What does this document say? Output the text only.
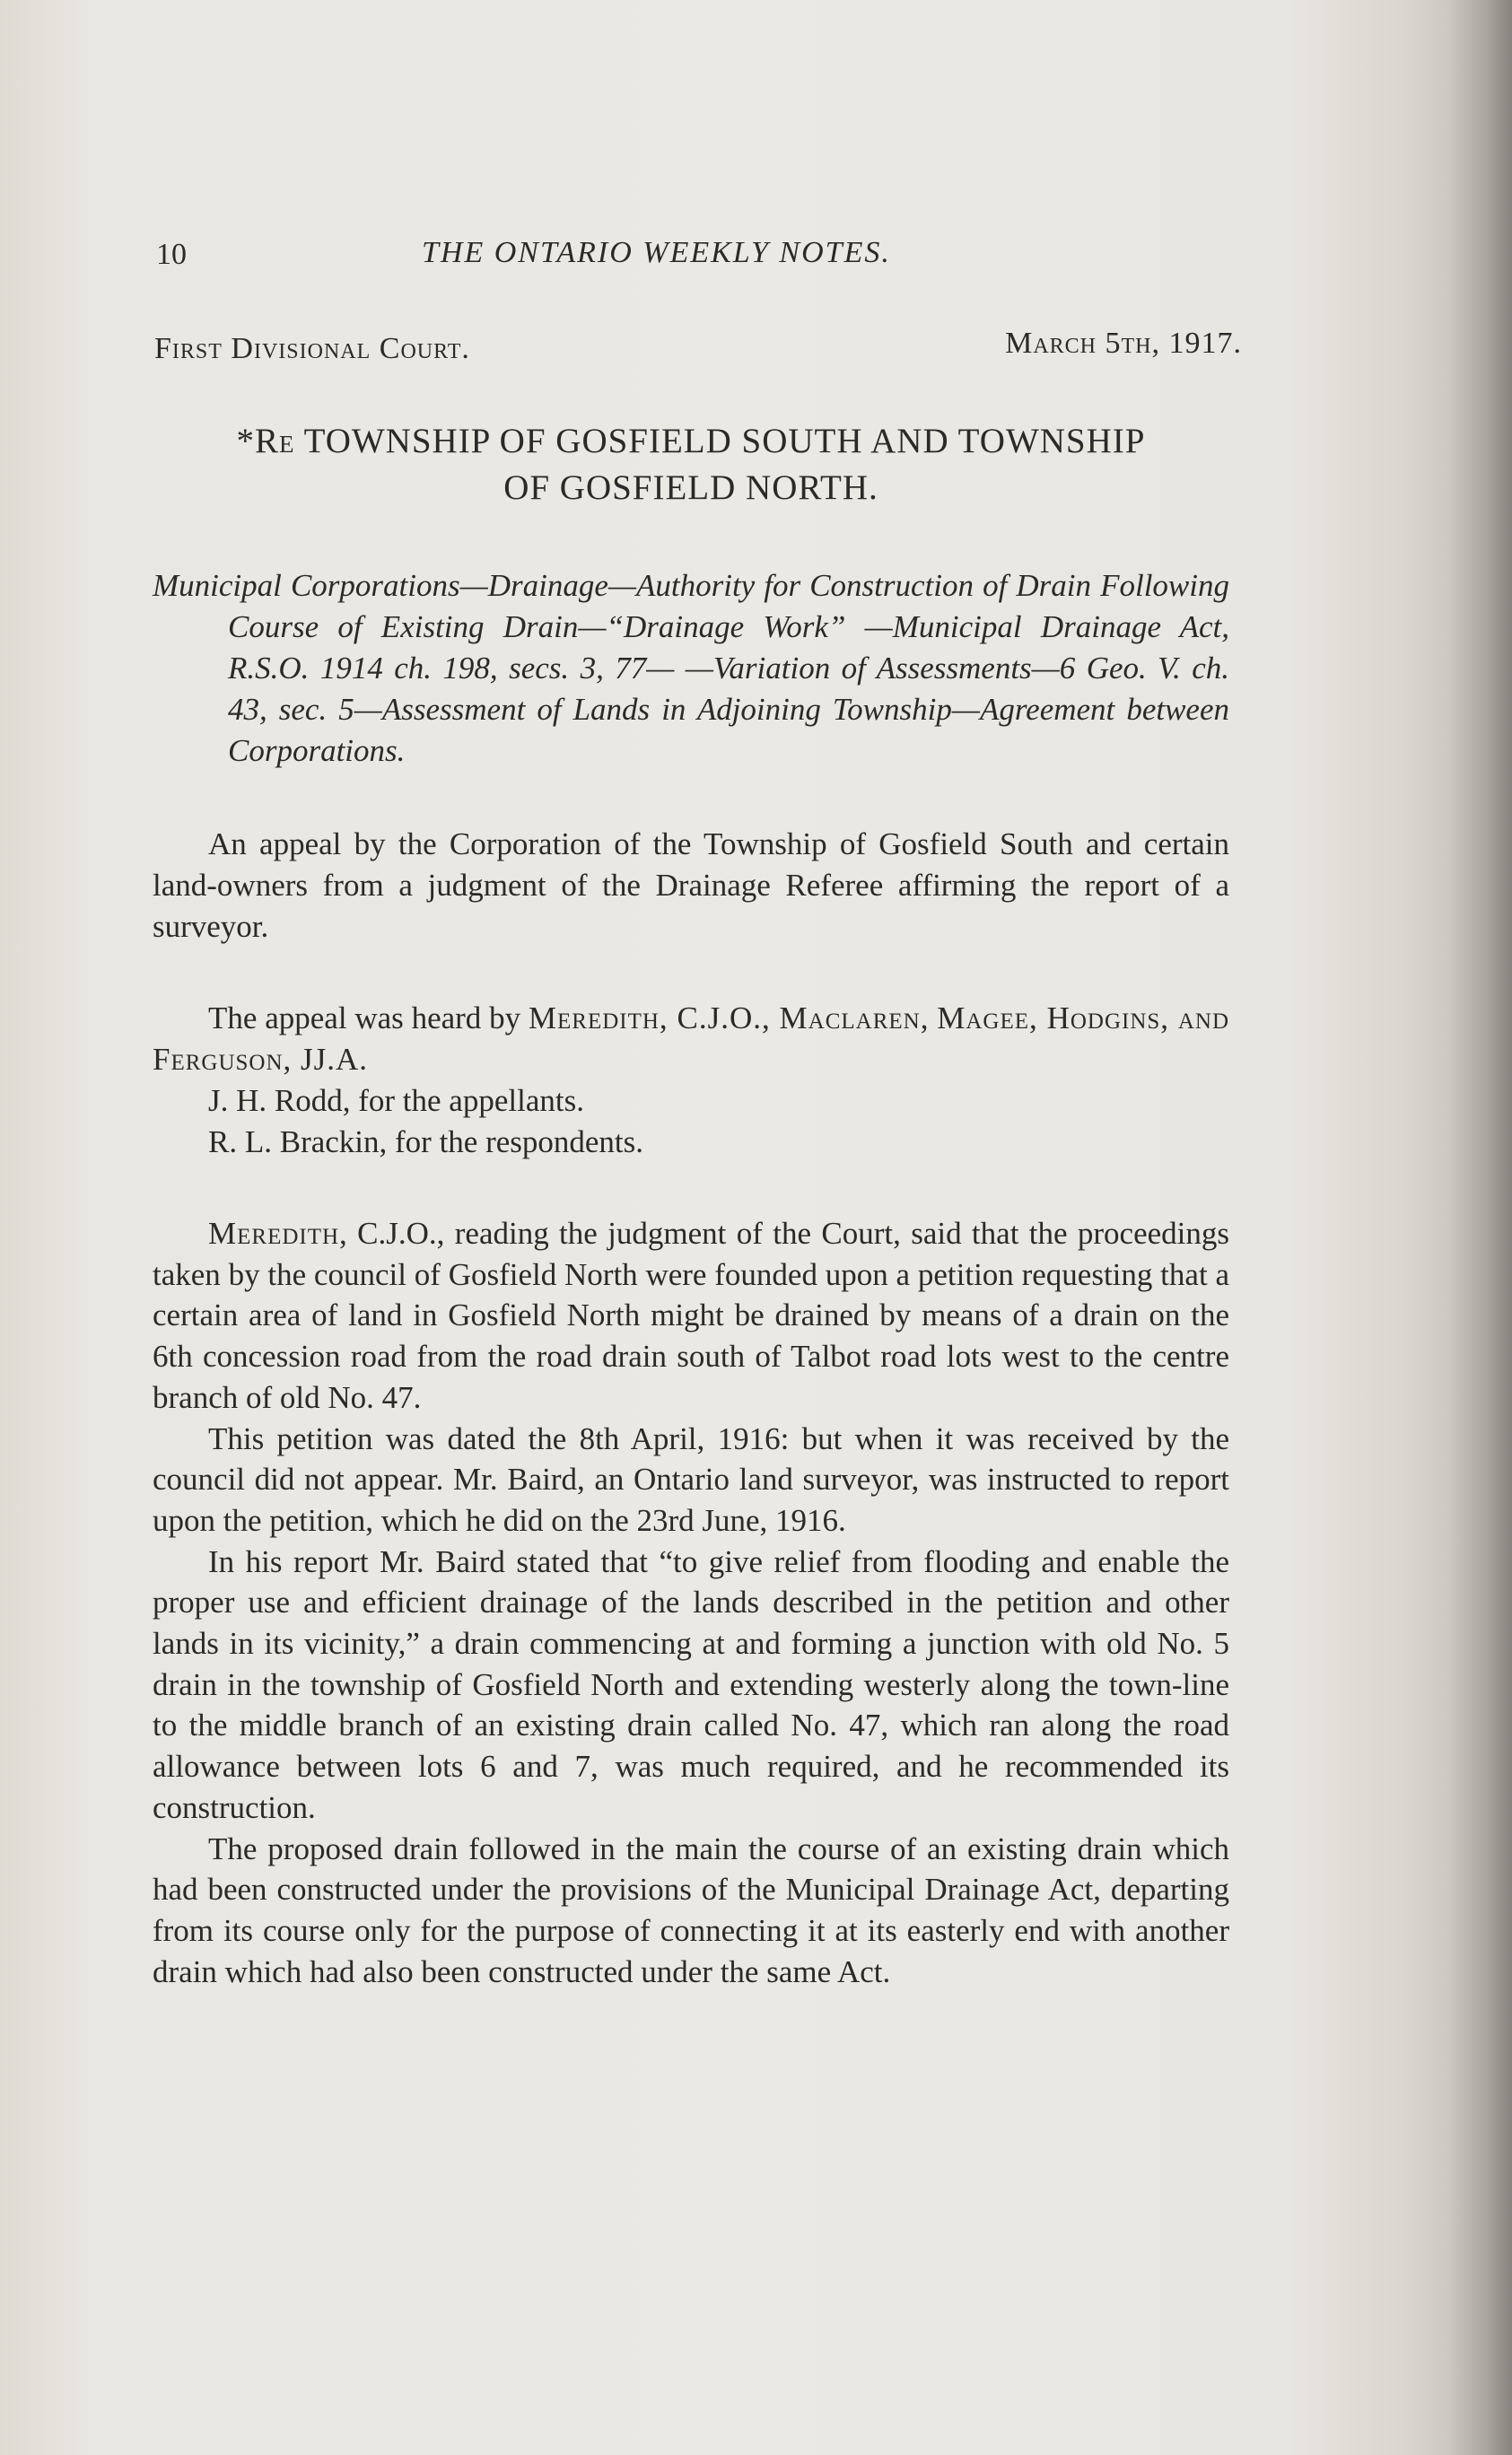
10	THE ONTARIO WEEKLY NOTES.
First Divisional Court.	March 5th, 1917.
*Re TOWNSHIP OF GOSFIELD SOUTH AND TOWNSHIP
OF GOSFIELD NORTH.

Municipal Corporations—Drainage—Authority for Construction of Drain Following Course of Existing Drain—“Drainage Work” —Municipal Drainage Act, R.S.O. 1914 ch. 198, secs. 3, 77— —Variation of Assessments—6 Geo. V. ch. 43, sec. 5—Assessment of Lands in Adjoining Township—Agreement between Corporations.

An appeal by the Corporation of the Township of Gosfield South and certain land-owners from a judgment of the Drainage Referee affirming the report of a surveyor.

The appeal was heard by Meredith, C.J.O., Maclaren, Magee, Hodgins, and Ferguson, JJ.A.

J. H. Rodd, for the appellants.

R. L. Brackin, for the respondents.

Meredith, C.J.O., reading the judgment of the Court, said that the proceedings taken by the council of Gosfield North were founded upon a petition requesting that a certain area of land in Gosfield North might be drained by means of a drain on the 6th concession road from the road drain south of Talbot road lots west to the centre branch of old No. 47.

This petition was dated the 8th April, 1916: but when it was received by the council did not appear. Mr. Baird, an Ontario land surveyor, was instructed to report upon the petition, which he did on the 23rd June, 1916.

In his report Mr. Baird stated that “to give relief from flooding and enable the proper use and efficient drainage of the lands described in the petition and other lands in its vicinity,” a drain commencing at and forming a junction with old No. 5 drain in the township of Gosfield North and extending westerly along the town-line to the middle branch of an existing drain called No. 47, which ran along the road allowance between lots 6 and 7, was much required, and he recommended its construction.

The proposed drain followed in the main the course of an existing drain which had been constructed under the provisions of the Municipal Drainage Act, departing from its course only for the purpose of connecting it at its easterly end with another drain which had also been constructed under the same Act.
